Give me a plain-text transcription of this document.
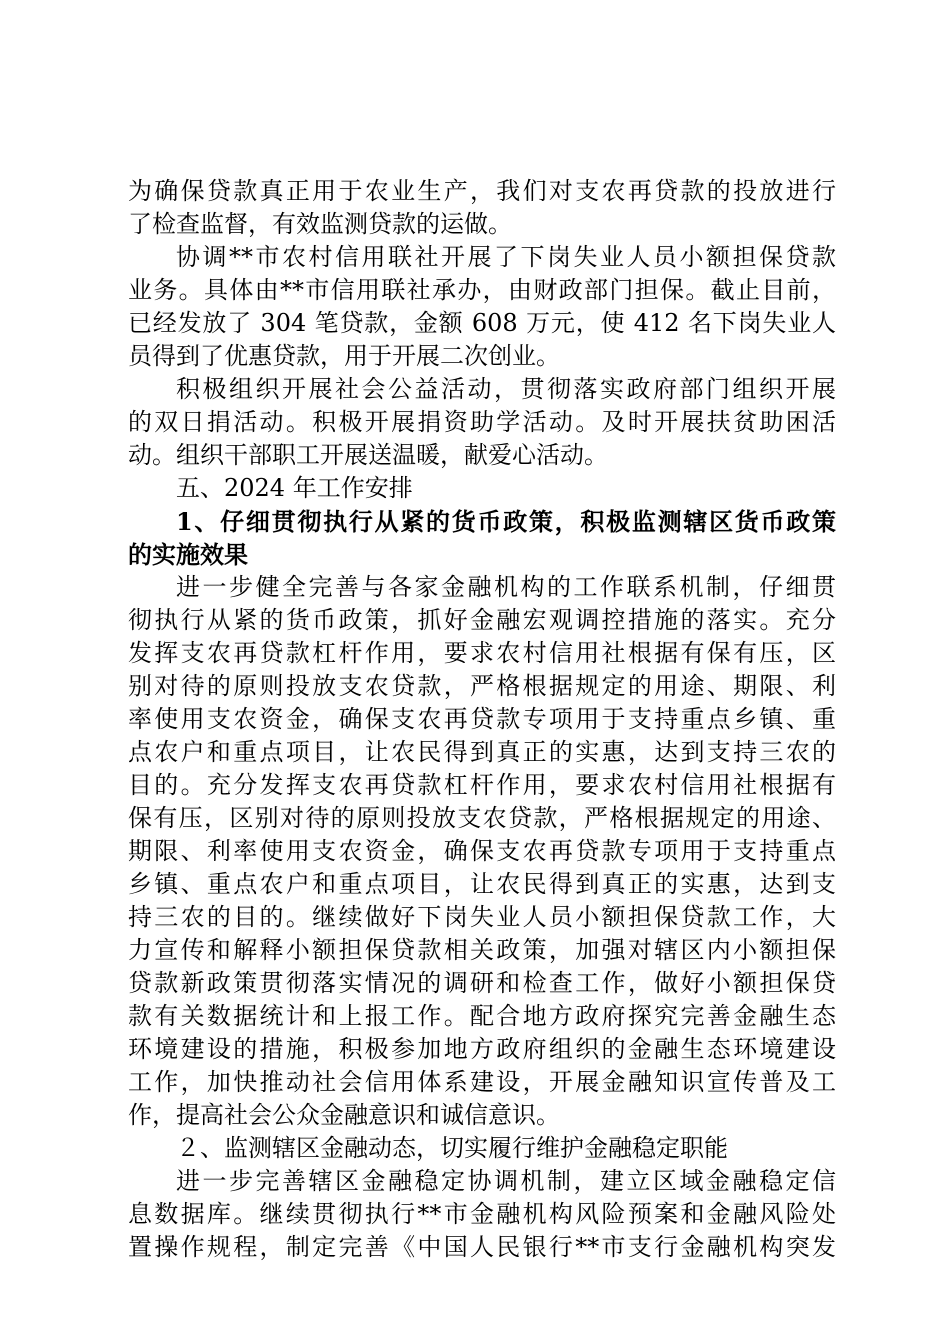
为确保贷款真正用于农业生产，我们对支农再贷款的投放进行
了检查监督，有效监测贷款的运做。
协调**市农村信用联社开展了下岗失业人员小额担保贷款
业务。具体由**市信用联社承办，由财政部门担保。截止目前，
已经发放了 304 笔贷款，金额 608 万元，使 412 名下岗失业人
员得到了优惠贷款，用于开展二次创业。
积极组织开展社会公益活动，贯彻落实政府部门组织开展
的双日捐活动。积极开展捐资助学活动。及时开展扶贫助困活
动。组织干部职工开展送温暖，献爱心活动。
五、2024 年工作安排
1、仔细贯彻执行从紧的货币政策，积极监测辖区货币政策
的实施效果
进一步健全完善与各家金融机构的工作联系机制，仔细贯
彻执行从紧的货币政策，抓好金融宏观调控措施的落实。充分
发挥支农再贷款杠杆作用，要求农村信用社根据有保有压，区
别对待的原则投放支农贷款，严格根据规定的用途、期限、利
率使用支农资金，确保支农再贷款专项用于支持重点乡镇、重
点农户和重点项目，让农民得到真正的实惠，达到支持三农的
目的。充分发挥支农再贷款杠杆作用，要求农村信用社根据有
保有压，区别对待的原则投放支农贷款，严格根据规定的用途、
期限、利率使用支农资金，确保支农再贷款专项用于支持重点
乡镇、重点农户和重点项目，让农民得到真正的实惠，达到支
持三农的目的。继续做好下岗失业人员小额担保贷款工作，大
力宣传和解释小额担保贷款相关政策，加强对辖区内小额担保
贷款新政策贯彻落实情况的调研和检查工作，做好小额担保贷
款有关数据统计和上报工作。配合地方政府探究完善金融生态
环境建设的措施，积极参加地方政府组织的金融生态环境建设
工作，加快推动社会信用体系建设，开展金融知识宣传普及工
作，提高社会公众金融意识和诚信意识。
２、监测辖区金融动态，切实履行维护金融稳定职能
进一步完善辖区金融稳定协调机制，建立区域金融稳定信
息数据库。继续贯彻执行**市金融机构风险预案和金融风险处
置操作规程，制定完善《中国人民银行**市支行金融机构突发
